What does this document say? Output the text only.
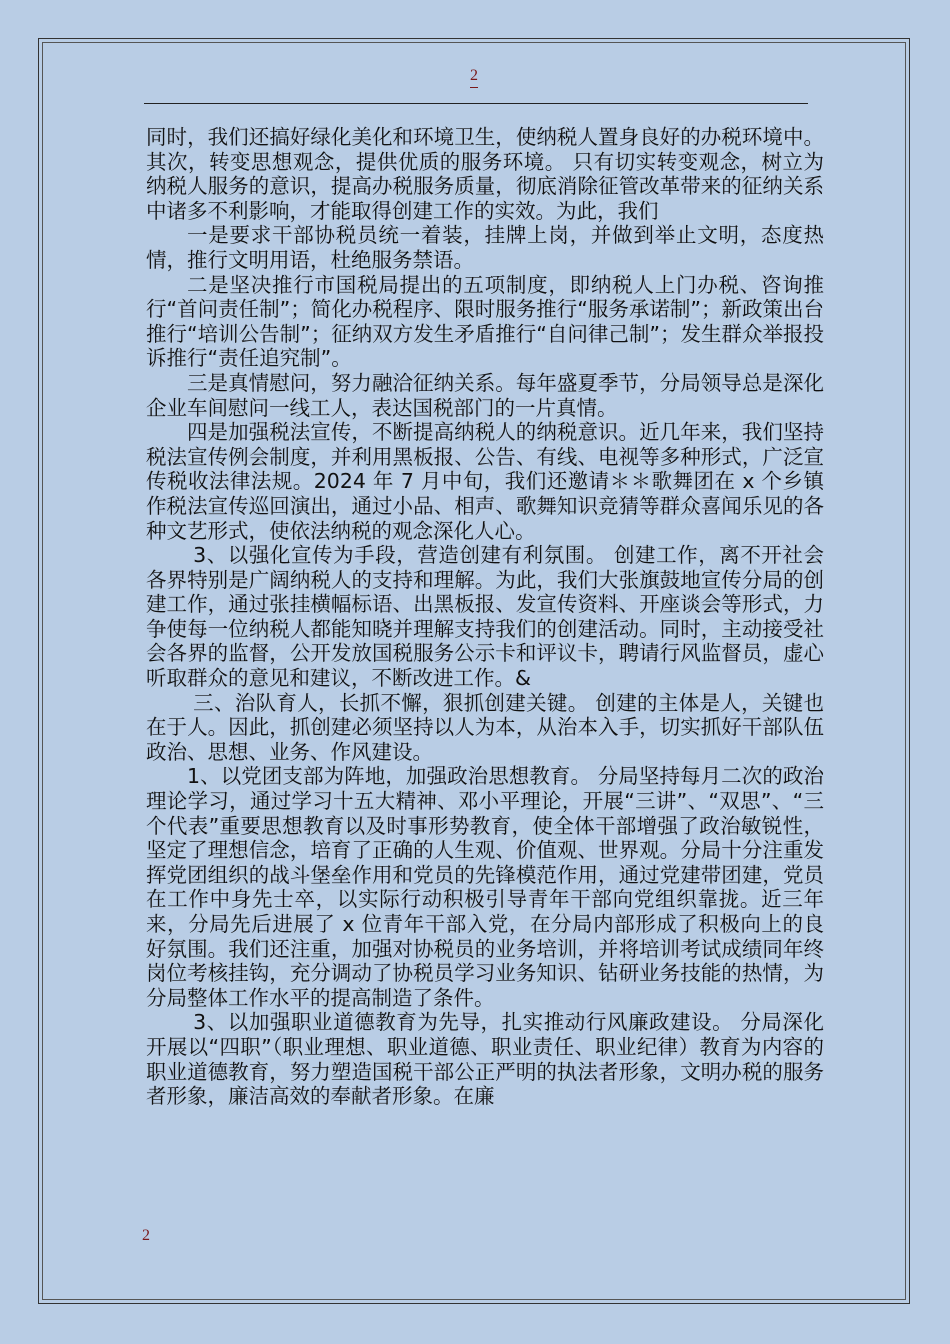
2

同时，我们还搞好绿化美化和环境卫生，使纳税人置身良好的办税环境中。 其次，转变思想观念，提供优质的服务环境。 只有切实转变观念，树立为纳税人服务的意识，提高办税服务质量，彻底消除征管改革带来的征纳关系中诸多不利影响，才能取得创建工作的实效。为此，我们

一是要求干部协税员统一着装，挂牌上岗，并做到举止文明，态度热情，推行文明用语，杜绝服务禁语。

二是坚决推行市国税局提出的五项制度，即纳税人上门办税、咨询推行“首问责任制”；简化办税程序、限时服务推行“服务承诺制”；新政策出台推行“培训公告制”；征纳双方发生矛盾推行“自问律己制”；发生群众举报投诉推行“责任追究制”。

三是真情慰问，努力融洽征纳关系。每年盛夏季节，分局领导总是深化企业车间慰问一线工人，表达国税部门的一片真情。

四是加强税法宣传，不断提高纳税人的纳税意识。近几年来，我们坚持税法宣传例会制度，并利用黑板报、公告、有线、电视等多种形式，广泛宣传税收法律法规。2024 年 7 月中旬，我们还邀请＊＊歌舞团在 x 个乡镇作税法宣传巡回演出，通过小品、相声、歌舞知识竞猜等群众喜闻乐见的各种文艺形式，使依法纳税的观念深化人心。

3、以强化宣传为手段，营造创建有利氛围。 创建工作，离不开社会各界特别是广阔纳税人的支持和理解。为此，我们大张旗鼓地宣传分局的创建工作，通过张挂横幅标语、出黑板报、发宣传资料、开座谈会等形式，力争使每一位纳税人都能知晓并理解支持我们的创建活动。同时，主动接受社会各界的监督，公开发放国税服务公示卡和评议卡，聘请行风监督员，虚心听取群众的意见和建议，不断改进工作。&

三、治队育人，长抓不懈，狠抓创建关键。 创建的主体是人，关键也在于人。因此，抓创建必须坚持以人为本，从治本入手，切实抓好干部队伍政治、思想、业务、作风建设。

1、以党团支部为阵地，加强政治思想教育。 分局坚持每月二次的政治理论学习，通过学习十五大精神、邓小平理论，开展“三讲”、“双思”、“三个代表”重要思想教育以及时事形势教育，使全体干部增强了政治敏锐性，坚定了理想信念，培育了正确的人生观、价值观、世界观。分局十分注重发挥党团组织的战斗堡垒作用和党员的先锋模范作用，通过党建带团建，党员在工作中身先士卒，以实际行动积极引导青年干部向党组织靠拢。近三年来，分局先后进展了 x 位青年干部入党，在分局内部形成了积极向上的良好氛围。我们还注重，加强对协税员的业务培训，并将培训考试成绩同年终岗位考核挂钩，充分调动了协税员学习业务知识、钻研业务技能的热情，为分局整体工作水平的提高制造了条件。

3、以加强职业道德教育为先导，扎实推动行风廉政建设。 分局深化开展以“四职”（职业理想、职业道德、职业责任、职业纪律）教育为内容的职业道德教育，努力塑造国税干部公正严明的执法者形象，文明办税的服务者形象，廉洁高效的奉献者形象。在廉

2
